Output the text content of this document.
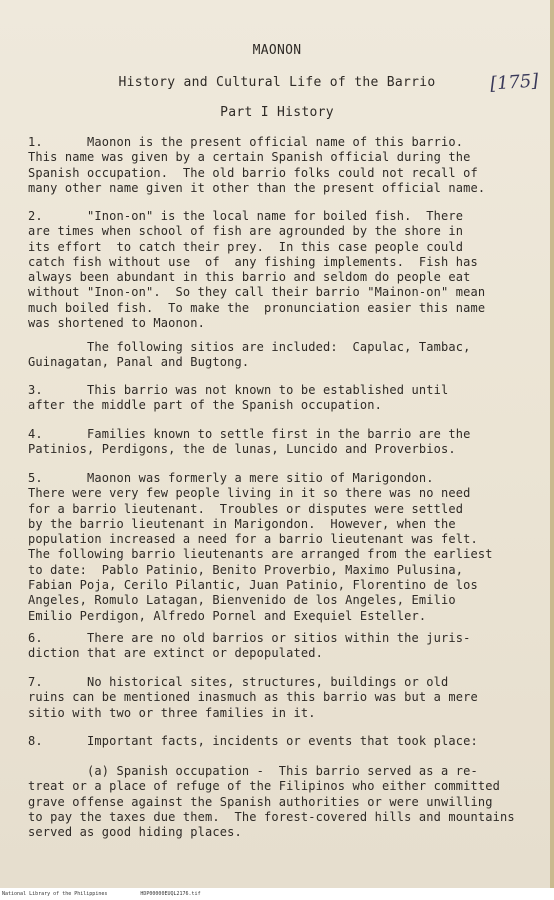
MAONON
History and Cultural Life of the Barrio
Part I History
[175]
1.      Maonon is the present official name of this barrio.
This name was given by a certain Spanish official during the
Spanish occupation.  The old barrio folks could not recall of
many other name given it other than the present official name.
2.      "Inon-on" is the local name for boiled fish.  There
are times when school of fish are agrounded by the shore in
its effort  to catch their prey.  In this case people could
catch fish without use  of  any fishing implements.  Fish has
always been abundant in this barrio and seldom do people eat
without "Inon-on".  So they call their barrio "Mainon-on" mean
much boiled fish.  To make the  pronunciation easier this name
was shortened to Maonon.
The following sitios are included:  Capulac, Tambac,
Guinagatan, Panal and Bugtong.
3.      This barrio was not known to be established until
after the middle part of the Spanish occupation.
4.      Families known to settle first in the barrio are the
Patinios, Perdigons, the de lunas, Luncido and Proverbios.
5.      Maonon was formerly a mere sitio of Marigondon.
There were very few people living in it so there was no need
for a barrio lieutenant.  Troubles or disputes were settled
by the barrio lieutenant in Marigondon.  However, when the
population increased a need for a barrio lieutenant was felt.
The following barrio lieutenants are arranged from the earliest
to date:  Pablo Patinio, Benito Proverbio, Maximo Pulusina,
Fabian Poja, Cerilo Pilantic, Juan Patinio, Florentino de los
Angeles, Romulo Latagan, Bienvenido de los Angeles, Emilio
Emilio Perdigon, Alfredo Pornel and Exequiel Esteller.
6.      There are no old barrios or sitios within the juris-
diction that are extinct or depopulated.
7.      No historical sites, structures, buildings or old
ruins can be mentioned inasmuch as this barrio was but a mere
sitio with two or three families in it.
8.      Important facts, incidents or events that took place:
(a) Spanish occupation -  This barrio served as a re-
treat or a place of refuge of the Filipinos who either committed
grave offense against the Spanish authorities or were unwilling
to pay the taxes due them.  The forest-covered hills and mountains
served as good hiding places.
National Library of the Philippines	HDP00000EUQL2176.tif
